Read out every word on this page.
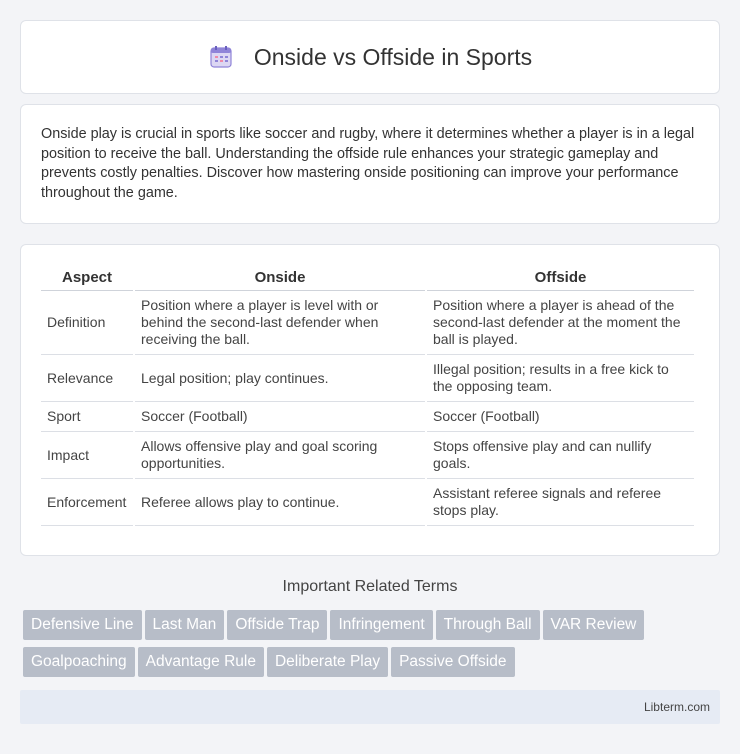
Onside vs Offside in Sports

Onside play is crucial in sports like soccer and rugby, where it determines whether a player is in a legal position to receive the ball. Understanding the offside rule enhances your strategic gameplay and prevents costly penalties. Discover how mastering onside positioning can improve your performance throughout the game.

Aspect	Onside	Offside
Definition	Position where a player is level with or behind the second-last defender when receiving the ball.	Position where a player is ahead of the second-last defender at the moment the ball is played.
Relevance	Legal position; play continues.	Illegal position; results in a free kick to the opposing team.
Sport	Soccer (Football)	Soccer (Football)
Impact	Allows offensive play and goal scoring opportunities.	Stops offensive play and can nullify goals.
Enforcement	Referee allows play to continue.	Assistant referee signals and referee stops play.
Important Related Terms
Defensive Line Last Man Offside Trap Infringement Through Ball VAR Review
Goalpoaching Advantage Rule Deliberate Play Passive Offside
Libterm.com
